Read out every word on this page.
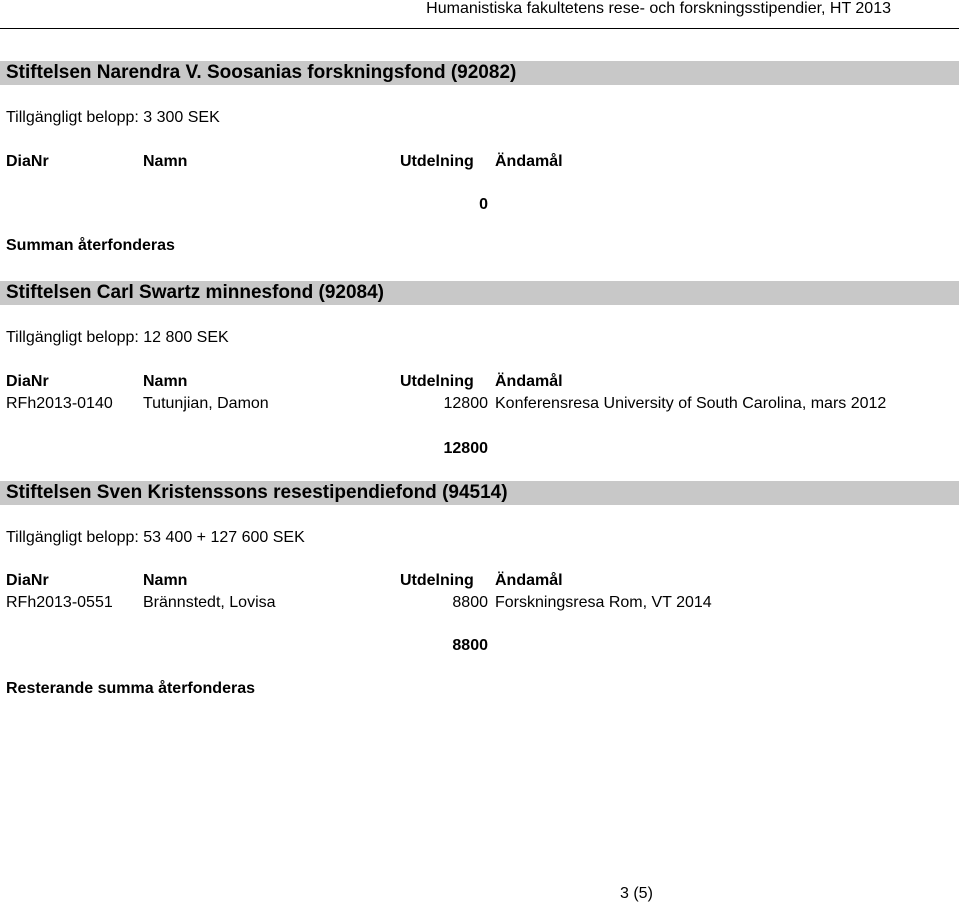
Humanistiska fakultetens rese- och forskningsstipendier, HT 2013
Stiftelsen Narendra V. Soosanias forskningsfond (92082)
Tillgängligt belopp: 3 300 SEK
DiaNr	Namn	Utdelning Ändamål
0
Summan återfonderas
Stiftelsen Carl Swartz minnesfond (92084)
Tillgängligt belopp: 12 800 SEK
DiaNr	Namn	Utdelning Ändamål
RFh2013-0140 Tutunjian, Damon	12800 Konferensresa University of South Carolina, mars 2012
12800
Stiftelsen Sven Kristenssons resestipendiefond (94514)
Tillgängligt belopp: 53 400 + 127 600 SEK
DiaNr	Namn	Utdelning Ändamål
RFh2013-0551 Brännstedt, Lovisa	8800 Forskningsresa Rom, VT 2014
8800
Resterande summa återfonderas
3 (5)
